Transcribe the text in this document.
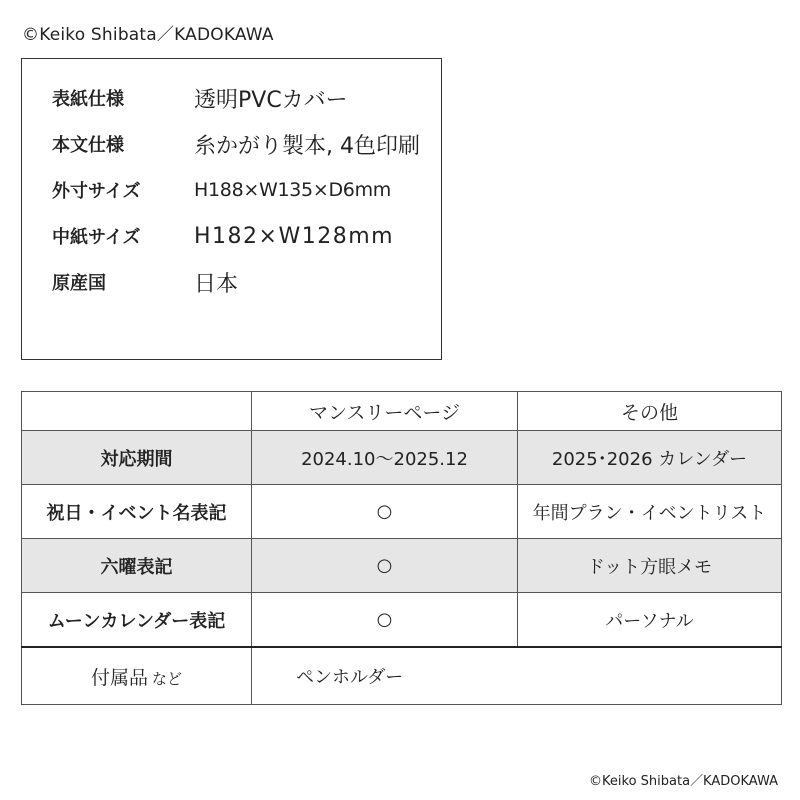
©Keiko Shibata／KADOKAWA
表紙仕様	透明PVCカバー
本文仕様	糸かがり製本, 4色印刷
外寸サイズ	H188×W135×D6mm
中紙サイズ	H182×W128mm
原産国	日本
	マンスリーページ	その他
対応期間	2024.10～2025.12	2025･2026 カレンダー
祝日・イベント名表記	○	年間プラン・イベントリスト
六曜表記	○	ドット方眼メモ
ムーンカレンダー表記	○	パーソナル
付属品 など	ペンホルダー	
©Keiko Shibata／KADOKAWA
